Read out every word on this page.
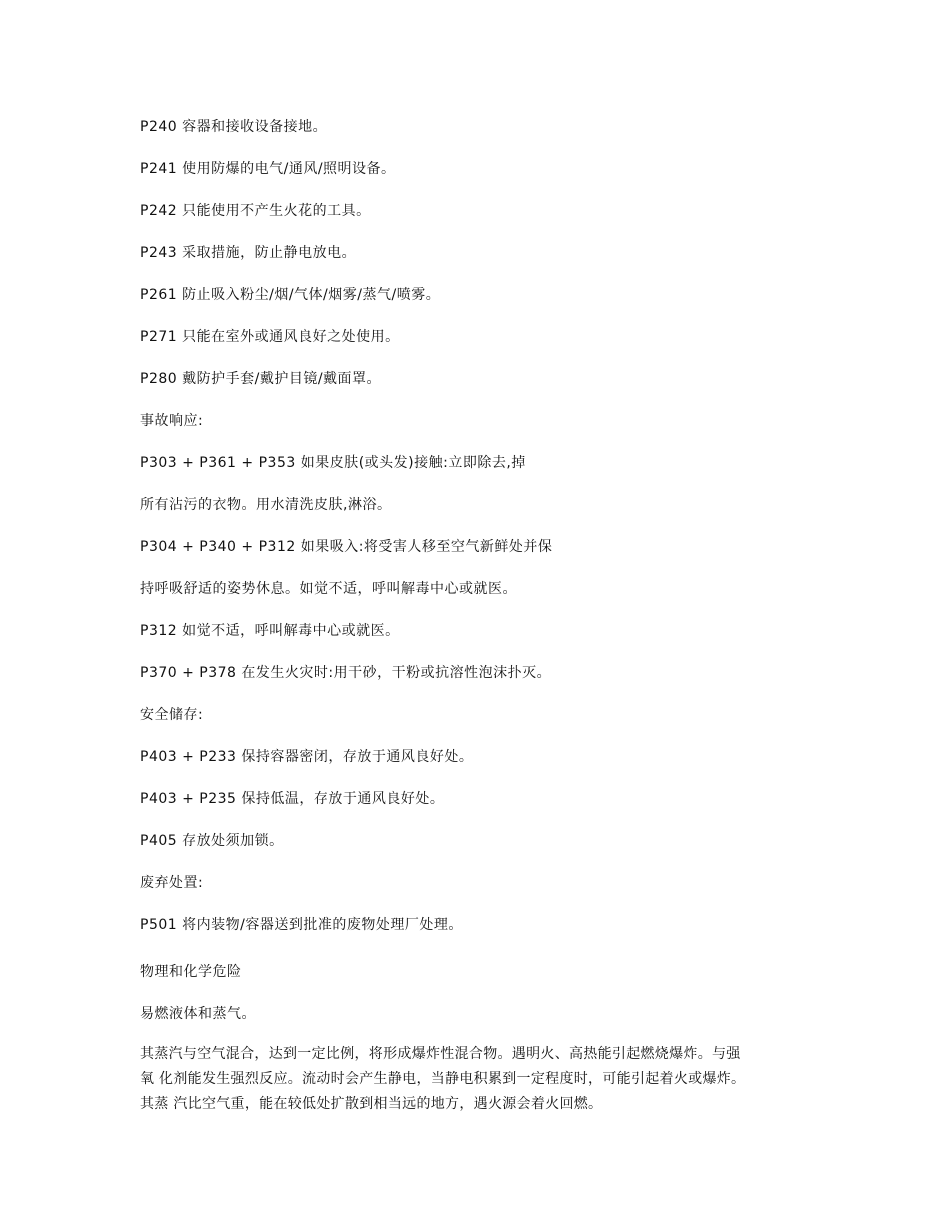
P240 容器和接收设备接地。
P241 使用防爆的电气/通风/照明设备。
P242 只能使用不产生火花的工具。
P243 采取措施，防止静电放电。
P261 防止吸入粉尘/烟/气体/烟雾/蒸气/喷雾。
P271 只能在室外或通风良好之处使用。
P280 戴防护手套/戴护目镜/戴面罩。
事故响应:
P303 + P361 + P353 如果皮肤(或头发)接触:立即除去,掉
所有沾污的衣物。用水清洗皮肤,淋浴。
P304 + P340 + P312 如果吸入:将受害人移至空气新鲜处并保
持呼吸舒适的姿势休息。如觉不适，呼叫解毒中心或就医。
P312 如觉不适，呼叫解毒中心或就医。
P370 + P378 在发生火灾时:用干砂，干粉或抗溶性泡沫扑灭。
安全储存:
P403 + P233 保持容器密闭，存放于通风良好处。
P403 + P235 保持低温，存放于通风良好处。
P405 存放处须加锁。
废弃处置:
P501 将内装物/容器送到批准的废物处理厂处理。
物理和化学危险
易燃液体和蒸气。
其蒸汽与空气混合，达到一定比例，将形成爆炸性混合物。遇明火、高热能引起燃烧爆炸。与强
氧 化剂能发生强烈反应。流动时会产生静电，当静电积累到一定程度时，可能引起着火或爆炸。
其蒸 汽比空气重，能在较低处扩散到相当远的地方，遇火源会着火回燃。
